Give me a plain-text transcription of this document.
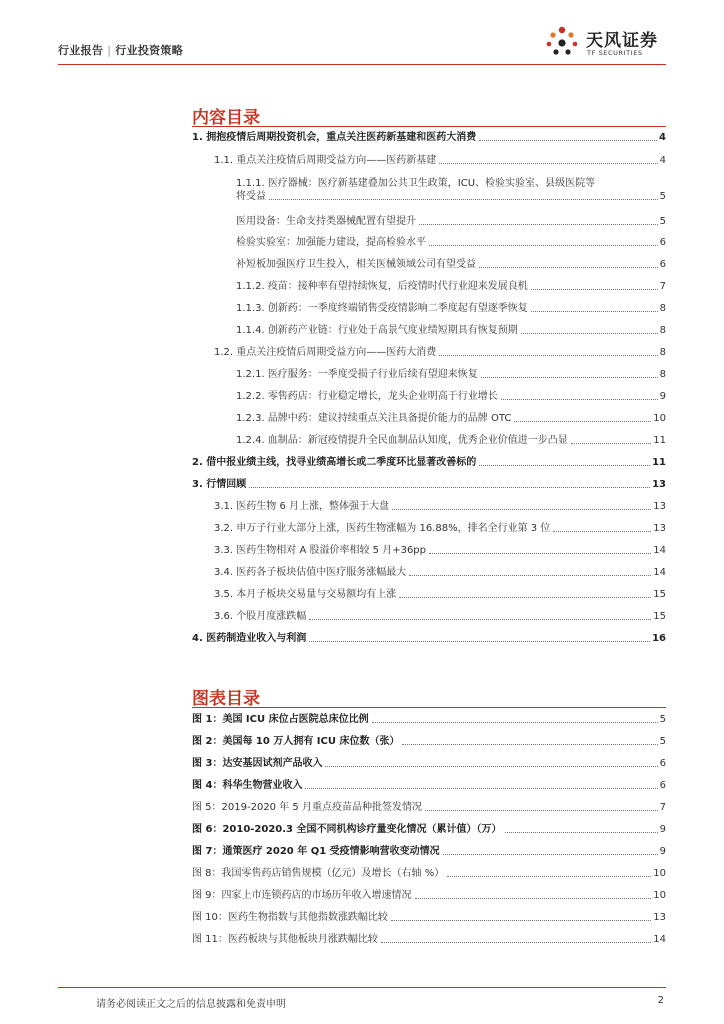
行业报告 | 行业投资策略	天风证券
TF SECURITIES
内容目录
1. 拥抱疫情后周期投资机会，重点关注医药新基建和医药大消费	4
1.1. 重点关注疫情后周期受益方向——医药新基建	4
1.1.1. 医疗器械：医疗新基建叠加公共卫生政策，ICU、检验实验室、县级医院等
将受益	5
医用设备：生命支持类器械配置有望提升	5
检验实验室：加强能力建设，提高检验水平	6
补短板加强医疗卫生投入，相关医械领域公司有望受益	6
1.1.2. 疫苗：接种率有望持续恢复，后疫情时代行业迎来发展良机	7
1.1.3. 创新药：一季度终端销售受疫情影响二季度起有望逐季恢复	8
1.1.4. 创新药产业链：行业处于高景气度业绩短期具有恢复预期	8
1.2. 重点关注疫情后周期受益方向——医药大消费	8
1.2.1. 医疗服务：一季度受损子行业后续有望迎来恢复	8
1.2.2. 零售药店：行业稳定增长，龙头企业明高于行业增长	9
1.2.3. 品牌中药：建议持续重点关注具备提价能力的品牌 OTC	10
1.2.4. 血制品：新冠疫情提升全民血制品认知度，优秀企业价值进一步凸显	11
2. 借中报业绩主线，找寻业绩高增长或二季度环比显著改善标的	11
3. 行情回顾	13
3.1. 医药生物 6 月上涨，整体强于大盘	13
3.2. 申万子行业大部分上涨，医药生物涨幅为 16.88%，排名全行业第 3 位	13
3.3. 医药生物相对 A 股溢价率相较 5 月+36pp	14
3.4. 医药各子板块估值中医疗服务涨幅最大	14
3.5. 本月子板块交易量与交易额均有上涨	15
3.6. 个股月度涨跌幅	15
4. 医药制造业收入与利润	16
图表目录
图 1：美国 ICU 床位占医院总床位比例	5
图 2：美国每 10 万人拥有 ICU 床位数（张）	5
图 3：达安基因试剂产品收入	6
图 4：科华生物营业收入	6
图 5：2019-2020 年 5 月重点疫苗品种批签发情况	7
图 6：2010-2020.3 全国不同机构诊疗量变化情况（累计值）（万）	9
图 7：通策医疗 2020 年 Q1 受疫情影响营收变动情况	9
图 8：我国零售药店销售规模（亿元）及增长（右轴 %）	10
图 9：四家上市连锁药店的市场历年收入增速情况	10
图 10：医药生物指数与其他指数涨跌幅比较	13
图 11：医药板块与其他板块月涨跌幅比较	14
请务必阅读正文之后的信息披露和免责申明	2
